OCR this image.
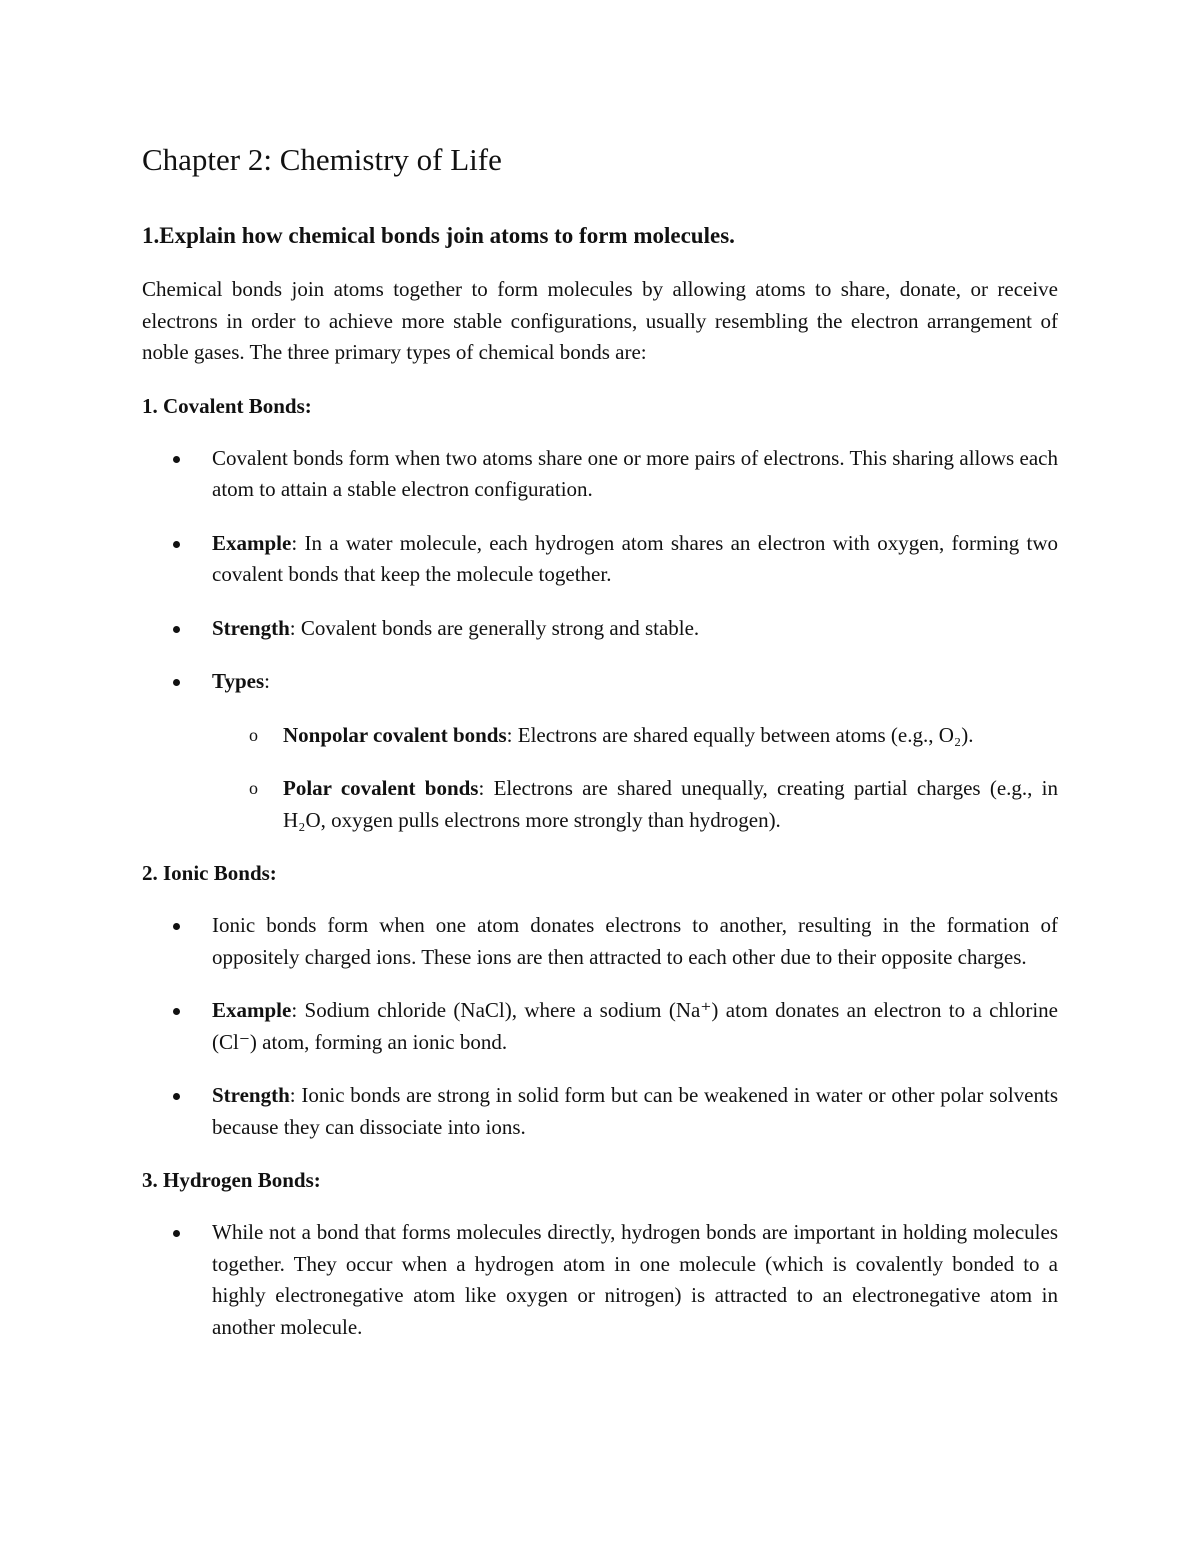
Chapter 2: Chemistry of Life
1.Explain how chemical bonds join atoms to form molecules.

Chemical bonds join atoms together to form molecules by allowing atoms to share, donate, or receive electrons in order to achieve more stable configurations, usually resembling the electron arrangement of noble gases. The three primary types of chemical bonds are:

1. Covalent Bonds:
Covalent bonds form when two atoms share one or more pairs of electrons. This sharing allows each atom to attain a stable electron configuration.
Example: In a water molecule, each hydrogen atom shares an electron with oxygen, forming two covalent bonds that keep the molecule together.
Strength: Covalent bonds are generally strong and stable.
Types:
o Nonpolar covalent bonds: Electrons are shared equally between atoms (e.g., O₂).
o Polar covalent bonds: Electrons are shared unequally, creating partial charges (e.g., in H₂O, oxygen pulls electrons more strongly than hydrogen).
2. Ionic Bonds:
Ionic bonds form when one atom donates electrons to another, resulting in the formation of oppositely charged ions. These ions are then attracted to each other due to their opposite charges.
Example: Sodium chloride (NaCl), where a sodium (Na⁺) atom donates an electron to a chlorine (Cl⁻) atom, forming an ionic bond.
Strength: Ionic bonds are strong in solid form but can be weakened in water or other polar solvents because they can dissociate into ions.
3. Hydrogen Bonds:
While not a bond that forms molecules directly, hydrogen bonds are important in holding molecules together. They occur when a hydrogen atom in one molecule (which is covalently bonded to a highly electronegative atom like oxygen or nitrogen) is attracted to an electronegative atom in another molecule.
